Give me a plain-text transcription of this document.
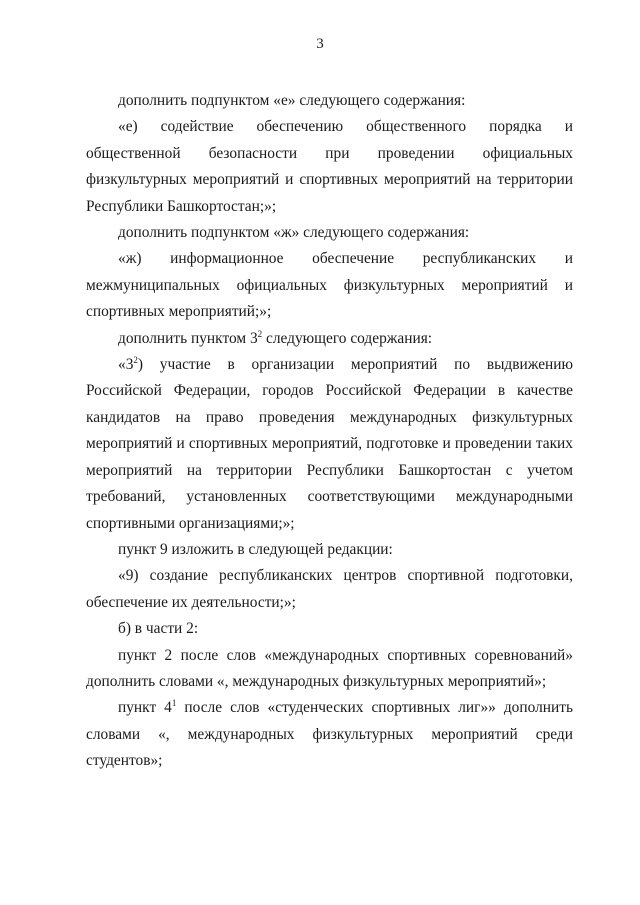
3

дополнить подпунктом «е» следующего содержания:

«е) содействие обеспечению общественного порядка и общественной безопасности при проведении официальных физкультурных мероприятий и спортивных мероприятий на территории Республики Башкортостан;»;

дополнить подпунктом «ж» следующего содержания:

«ж) информационное обеспечение республиканских и
межмуниципальных официальных физкультурных мероприятий и
спортивных мероприятий;»;

дополнить пунктом $3^2$ следующего содержания:

«$3^2$) участие в организации мероприятий по выдвижению Российской Федерации, городов Российской Федерации в качестве кандидатов на право проведения международных физкультурных мероприятий и спортивных мероприятий, подготовке и проведении таких мероприятий на территории Республики Башкортостан с учетом требований, установленных соответствующими международными спортивными организациями;»;

пункт 9 изложить в следующей редакции:

«9) создание республиканских центров спортивной подготовки, обеспечение их деятельности;»;

б) в части 2:

пункт 2 после слов «международных спортивных соревнований» дополнить словами «, международных физкультурных мероприятий»;

пункт $4^1$ после слов «студенческих спортивных лиг»» дополнить словами «, международных физкультурных мероприятий среди студентов»;
